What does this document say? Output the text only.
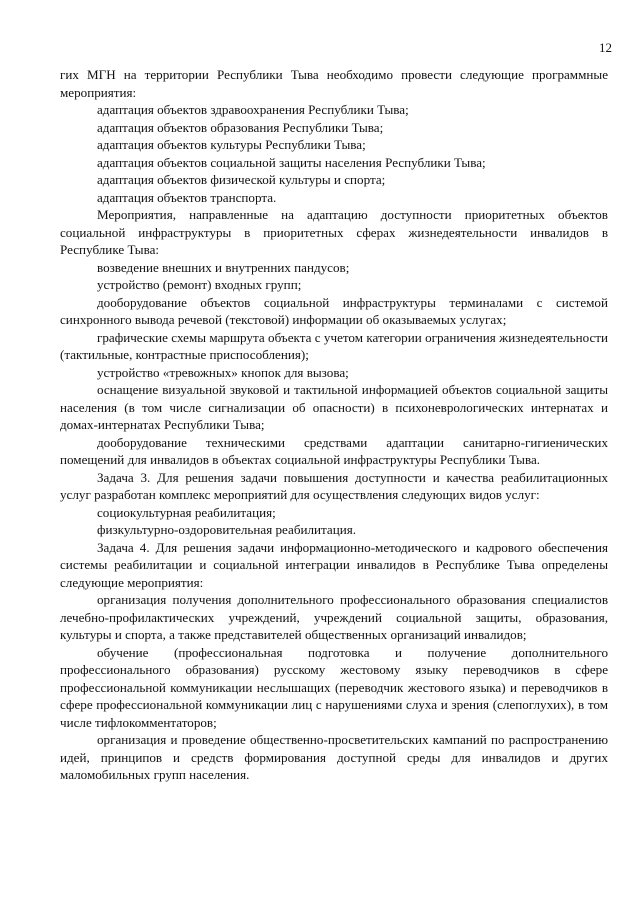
12

гих МГН на территории Республики Тыва необходимо провести следующие программные мероприятия:

адаптация объектов здравоохранения Республики Тыва;

адаптация объектов образования Республики Тыва;

адаптация объектов культуры Республики Тыва;

адаптация объектов социальной защиты населения Республики Тыва;

адаптация объектов физической культуры и спорта;

адаптация объектов транспорта.

Мероприятия, направленные на адаптацию доступности приоритетных объектов социальной инфраструктуры в приоритетных сферах жизнедеятельности инвалидов в Республике Тыва:

возведение внешних и внутренних пандусов;

устройство (ремонт) входных групп;

дооборудование объектов социальной инфраструктуры терминалами с системой синхронного вывода речевой (текстовой) информации об оказываемых услугах;

графические схемы маршрута объекта с учетом категории ограничения жизнедеятельности (тактильные, контрастные приспособления);

устройство «тревожных» кнопок для вызова;

оснащение визуальной звуковой и тактильной информацией объектов социальной защиты населения (в том числе сигнализации об опасности) в психоневрологических интернатах и домах-интернатах Республики Тыва;

дооборудование техническими средствами адаптации санитарно-гигиенических помещений для инвалидов в объектах социальной инфраструктуры Республики Тыва.

Задача 3. Для решения задачи повышения доступности и качества реабилитационных услуг разработан комплекс мероприятий для осуществления следующих видов услуг:

социокультурная реабилитация;

физкультурно-оздоровительная реабилитация.

Задача 4. Для решения задачи информационно-методического и кадрового обеспечения системы реабилитации и социальной интеграции инвалидов в Республике Тыва определены следующие мероприятия:

организация получения дополнительного профессионального образования специалистов лечебно-профилактических учреждений, учреждений социальной защиты, образования, культуры и спорта, а также представителей общественных организаций инвалидов;

обучение (профессиональная подготовка и получение дополнительного профессионального образования) русскому жестовому языку переводчиков в сфере профессиональной коммуникации неслышащих (переводчик жестового языка) и переводчиков в сфере профессиональной коммуникации лиц с нарушениями слуха и зрения (слепоглухих), в том числе тифлокомментаторов;

организация и проведение общественно-просветительских кампаний по распространению идей, принципов и средств формирования доступной среды для инвалидов и других маломобильных групп населения.
